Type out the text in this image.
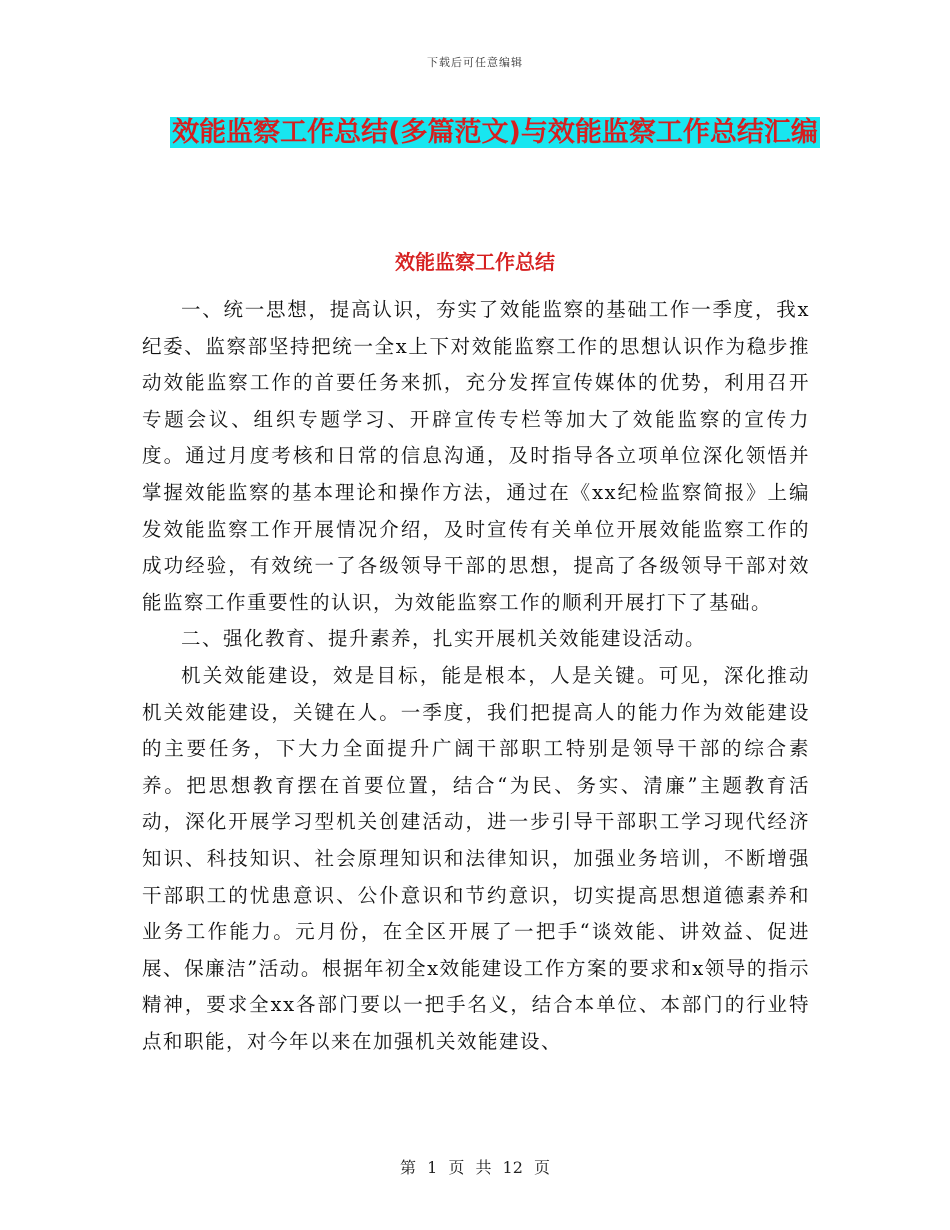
下载后可任意编辑
效能监察工作总结(多篇范文)与效能监察工作总结汇编
效能监察工作总结

一、统一思想，提高认识，夯实了效能监察的基础工作一季度，我x纪委、监察部坚持把统一全x上下对效能监察工作的思想认识作为稳步推动效能监察工作的首要任务来抓，充分发挥宣传媒体的优势，利用召开专题会议、组织专题学习、开辟宣传专栏等加大了效能监察的宣传力度。通过月度考核和日常的信息沟通，及时指导各立项单位深化领悟并掌握效能监察的基本理论和操作方法，通过在《xx纪检监察简报》上编发效能监察工作开展情况介绍，及时宣传有关单位开展效能监察工作的成功经验，有效统一了各级领导干部的思想，提高了各级领导干部对效能监察工作重要性的认识，为效能监察工作的顺利开展打下了基础。

二、强化教育、提升素养，扎实开展机关效能建设活动。

机关效能建设，效是目标，能是根本，人是关键。可见，深化推动机关效能建设，关键在人。一季度，我们把提高人的能力作为效能建设的主要任务，下大力全面提升广阔干部职工特别是领导干部的综合素养。把思想教育摆在首要位置，结合“为民、务实、清廉”主题教育活动，深化开展学习型机关创建活动，进一步引导干部职工学习现代经济知识、科技知识、社会原理知识和法律知识，加强业务培训，不断增强干部职工的忧患意识、公仆意识和节约意识，切实提高思想道德素养和业务工作能力。元月份，在全区开展了一把手“谈效能、讲效益、促进展、保廉洁”活动。根据年初全x效能建设工作方案的要求和x领导的指示精神，要求全xx各部门要以一把手名义，结合本单位、本部门的行业特点和职能，对今年以来在加强机关效能建设、

第 1 页 共 12 页
